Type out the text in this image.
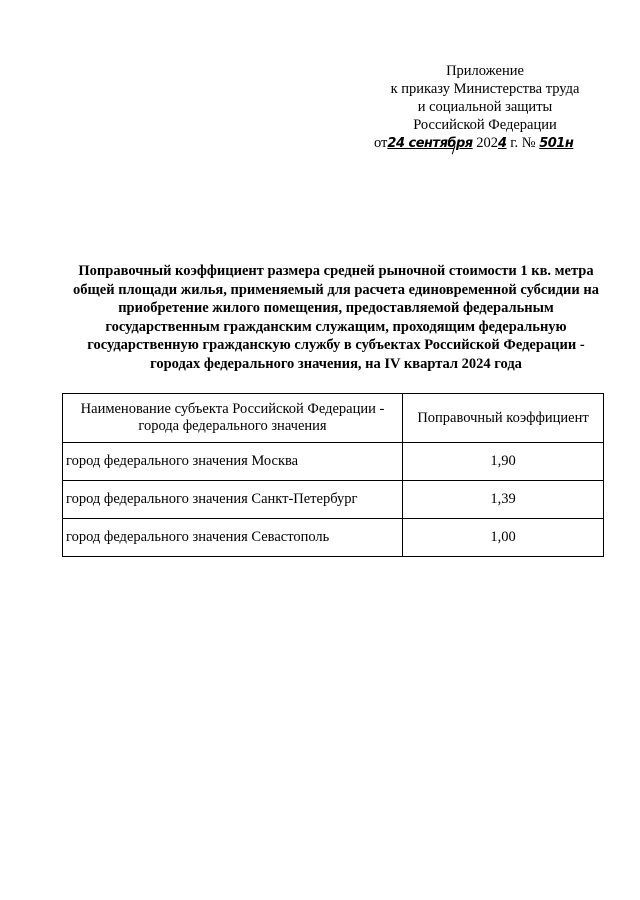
Приложение
к приказу Министерства труда
и социальной защиты
Российской Федерации
от24 сентября 2024 г. № 501н
Поправочный коэффициент размера средней рыночной стоимости 1 кв. метра общей площади жилья, применяемый для расчета единовременной субсидии на приобретение жилого помещения, предоставляемой федеральным государственным гражданским служащим, проходящим федеральную государственную гражданскую службу в субъектах Российской Федерации - городах федерального значения, на IV квартал 2024 года
Наименование субъекта Российской Федерации - города федерального значения	Поправочный коэффициент
город федерального значения Москва	1,90
город федерального значения Санкт-Петербург	1,39
город федерального значения Севастополь	1,00
